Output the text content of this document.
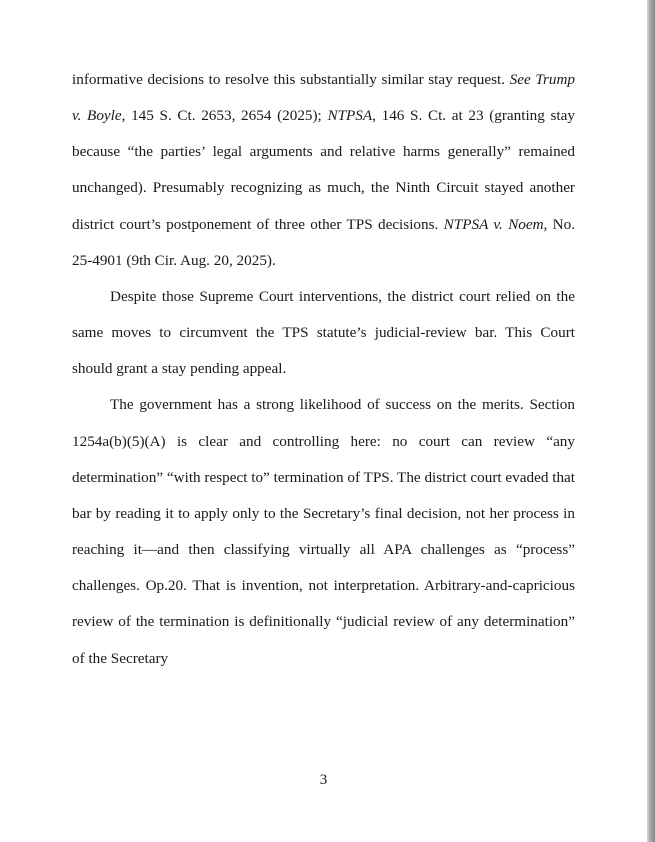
informative decisions to resolve this substantially similar stay request. See Trump v. Boyle, 145 S. Ct. 2653, 2654 (2025); NTPSA, 146 S. Ct. at 23 (granting stay because “the parties’ legal arguments and relative harms generally” remained unchanged). Presumably recognizing as much, the Ninth Circuit stayed another district court’s postponement of three other TPS decisions. NTPSA v. Noem, No. 25-4901 (9th Cir. Aug. 20, 2025).

Despite those Supreme Court interventions, the district court relied on the same moves to circumvent the TPS statute’s judicial-review bar. This Court should grant a stay pending appeal.

The government has a strong likelihood of success on the merits. Section 1254a(b)(5)(A) is clear and controlling here: no court can review “any determination” “with respect to” termination of TPS. The district court evaded that bar by reading it to apply only to the Secretary’s final decision, not her process in reaching it—and then classifying virtually all APA challenges as “process” challenges. Op.20. That is invention, not interpretation. Arbitrary-and-capricious review of the termination is definitionally “judicial review of any determination” of the Secretary

3
